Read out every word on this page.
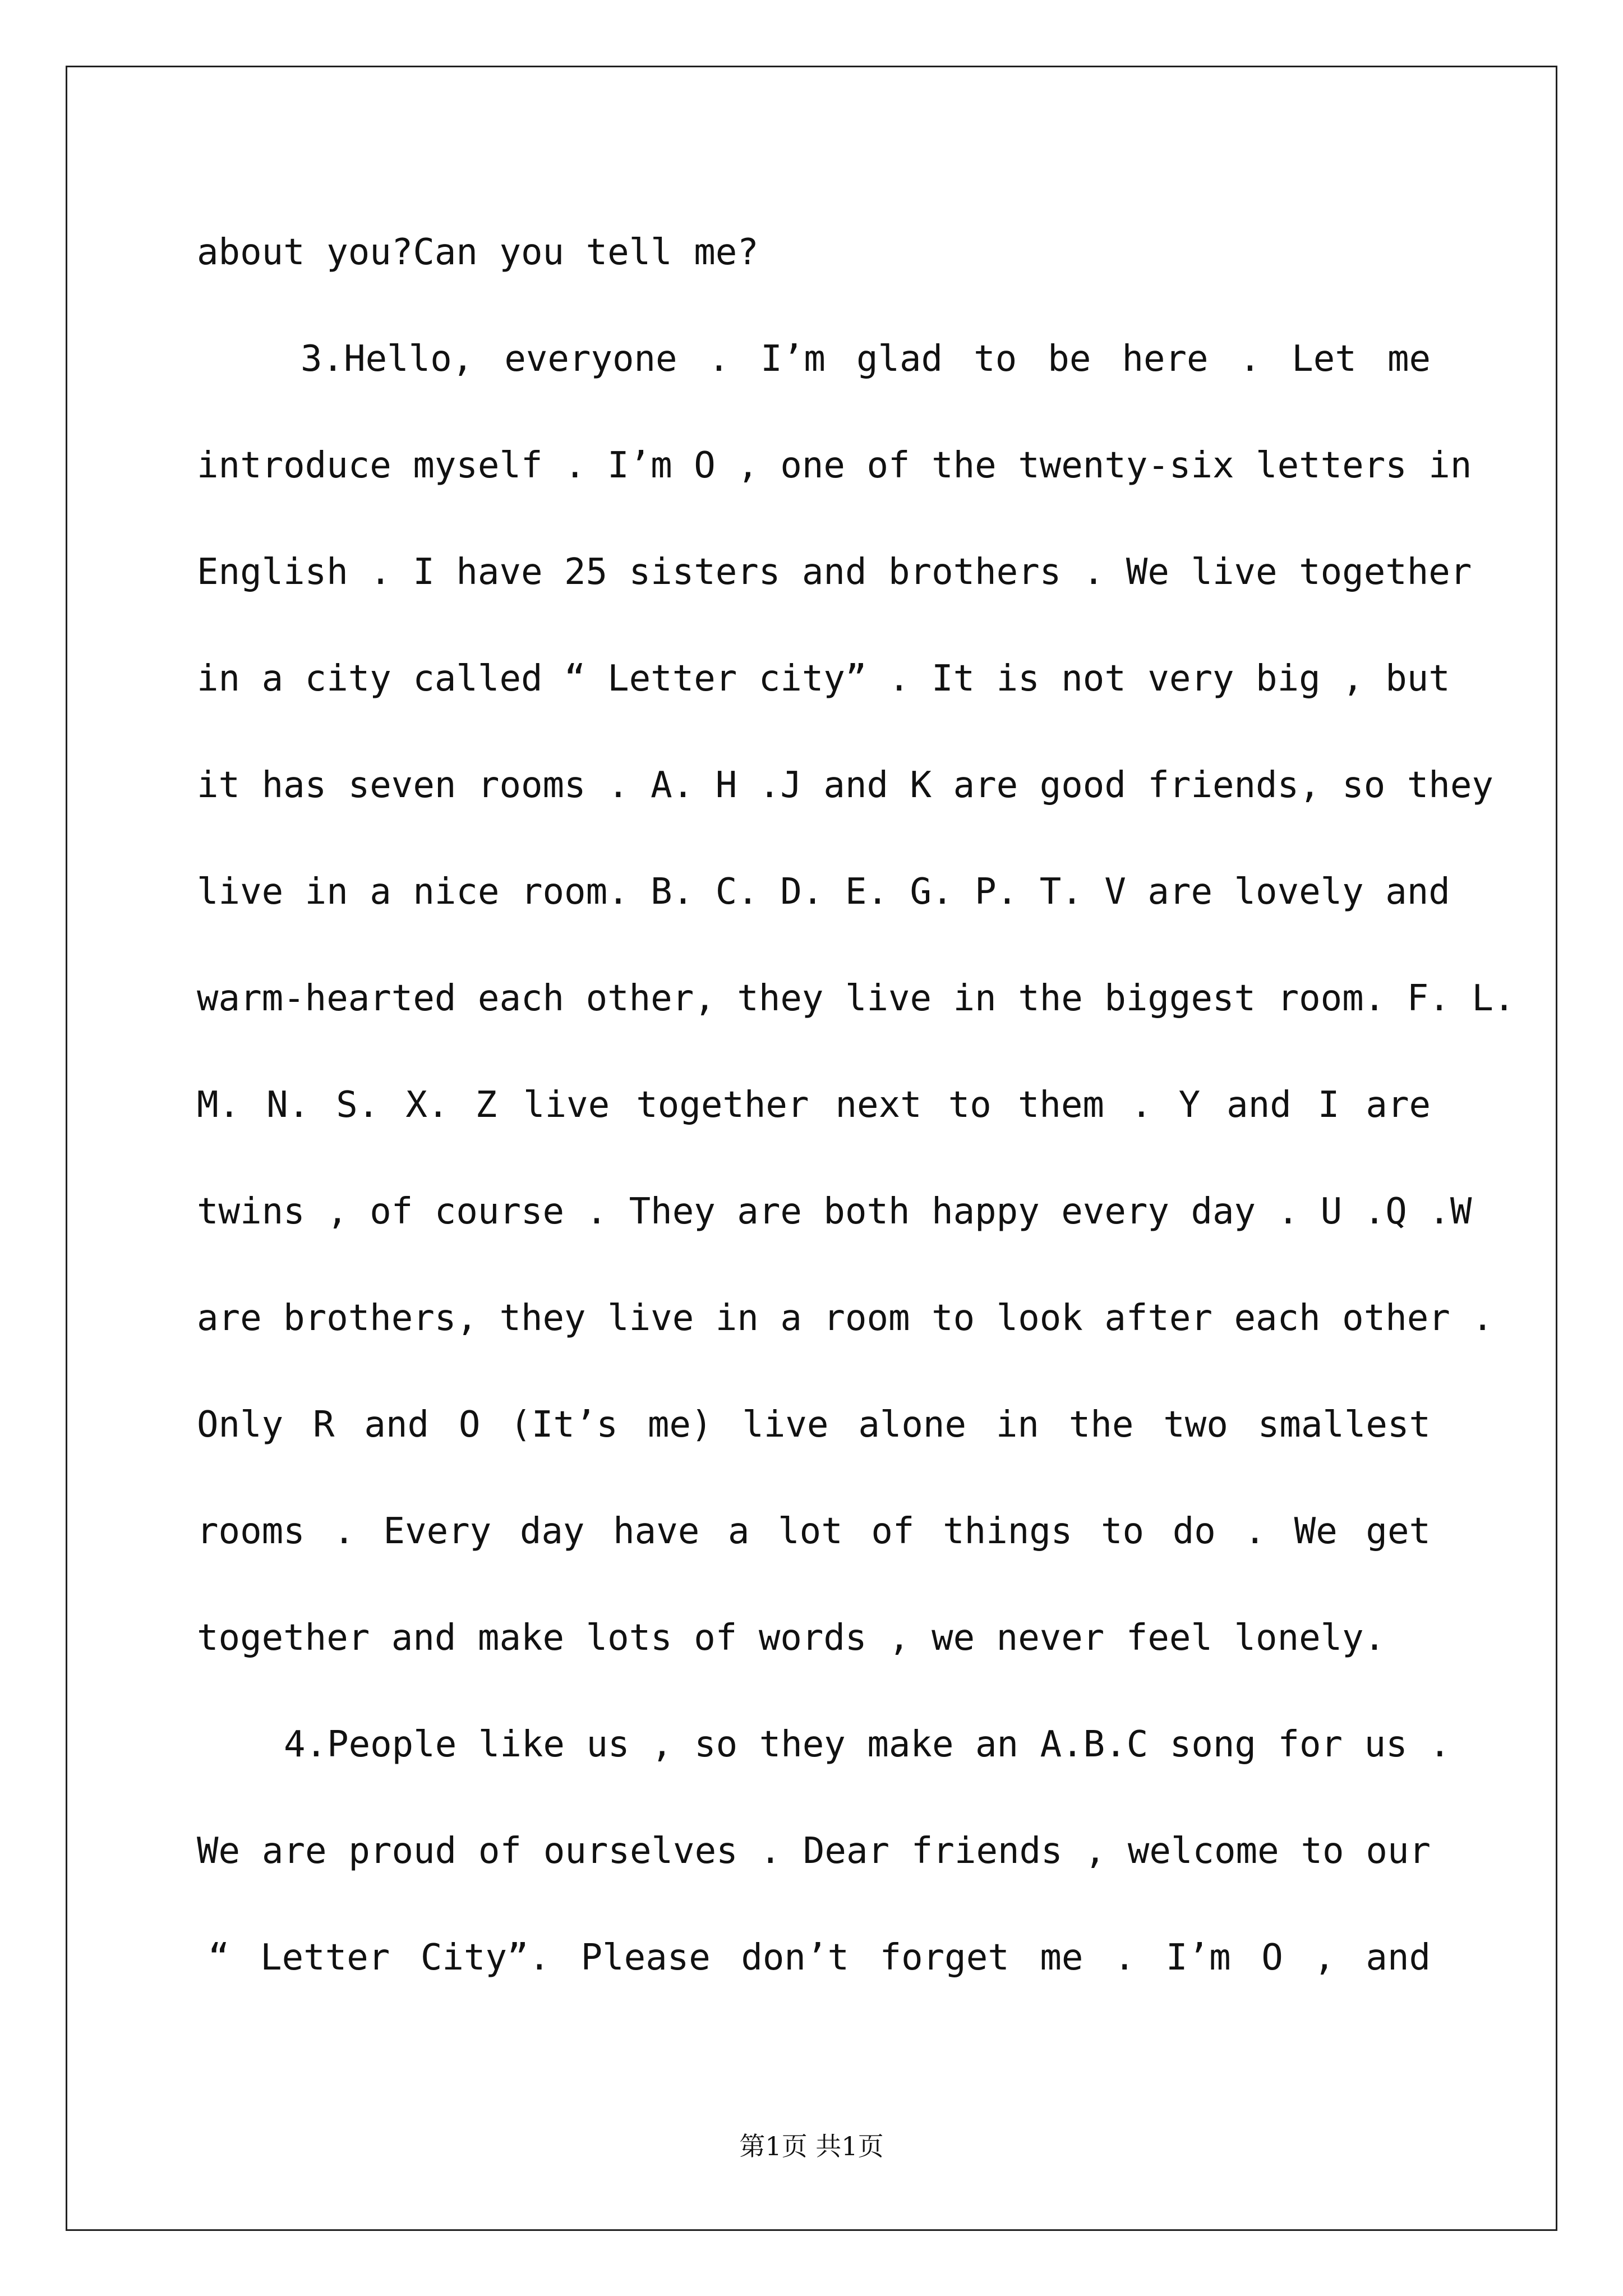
about you?Can you tell me?
3.Hello, everyone . I’m glad to be here . Let me
introduce myself . I’m O , one of the twenty-six letters in
English . I have 25 sisters and brothers . We live together
in a city called “ Letter city” . It is not very big , but
it has seven rooms . A. H .J and K are good friends, so they
live in a nice room. B. C. D. E. G. P. T. V are lovely and
warm-hearted each other, they live in the biggest room. F. L.
M. N. S. X. Z live together next to them . Y and I are
twins , of course . They are both happy every day . U .Q .W
are brothers, they live in a room to look after each other .
Only R and O (It’s me) live alone in the two smallest
rooms . Every day have a lot of things to do . We get
together and make lots of words , we never feel lonely.
4.People like us , so they make an A.B.C song for us .
We are proud of ourselves . Dear friends , welcome to our
“ Letter City”. Please don’t forget me . I’m O , and
第1页 共1页
